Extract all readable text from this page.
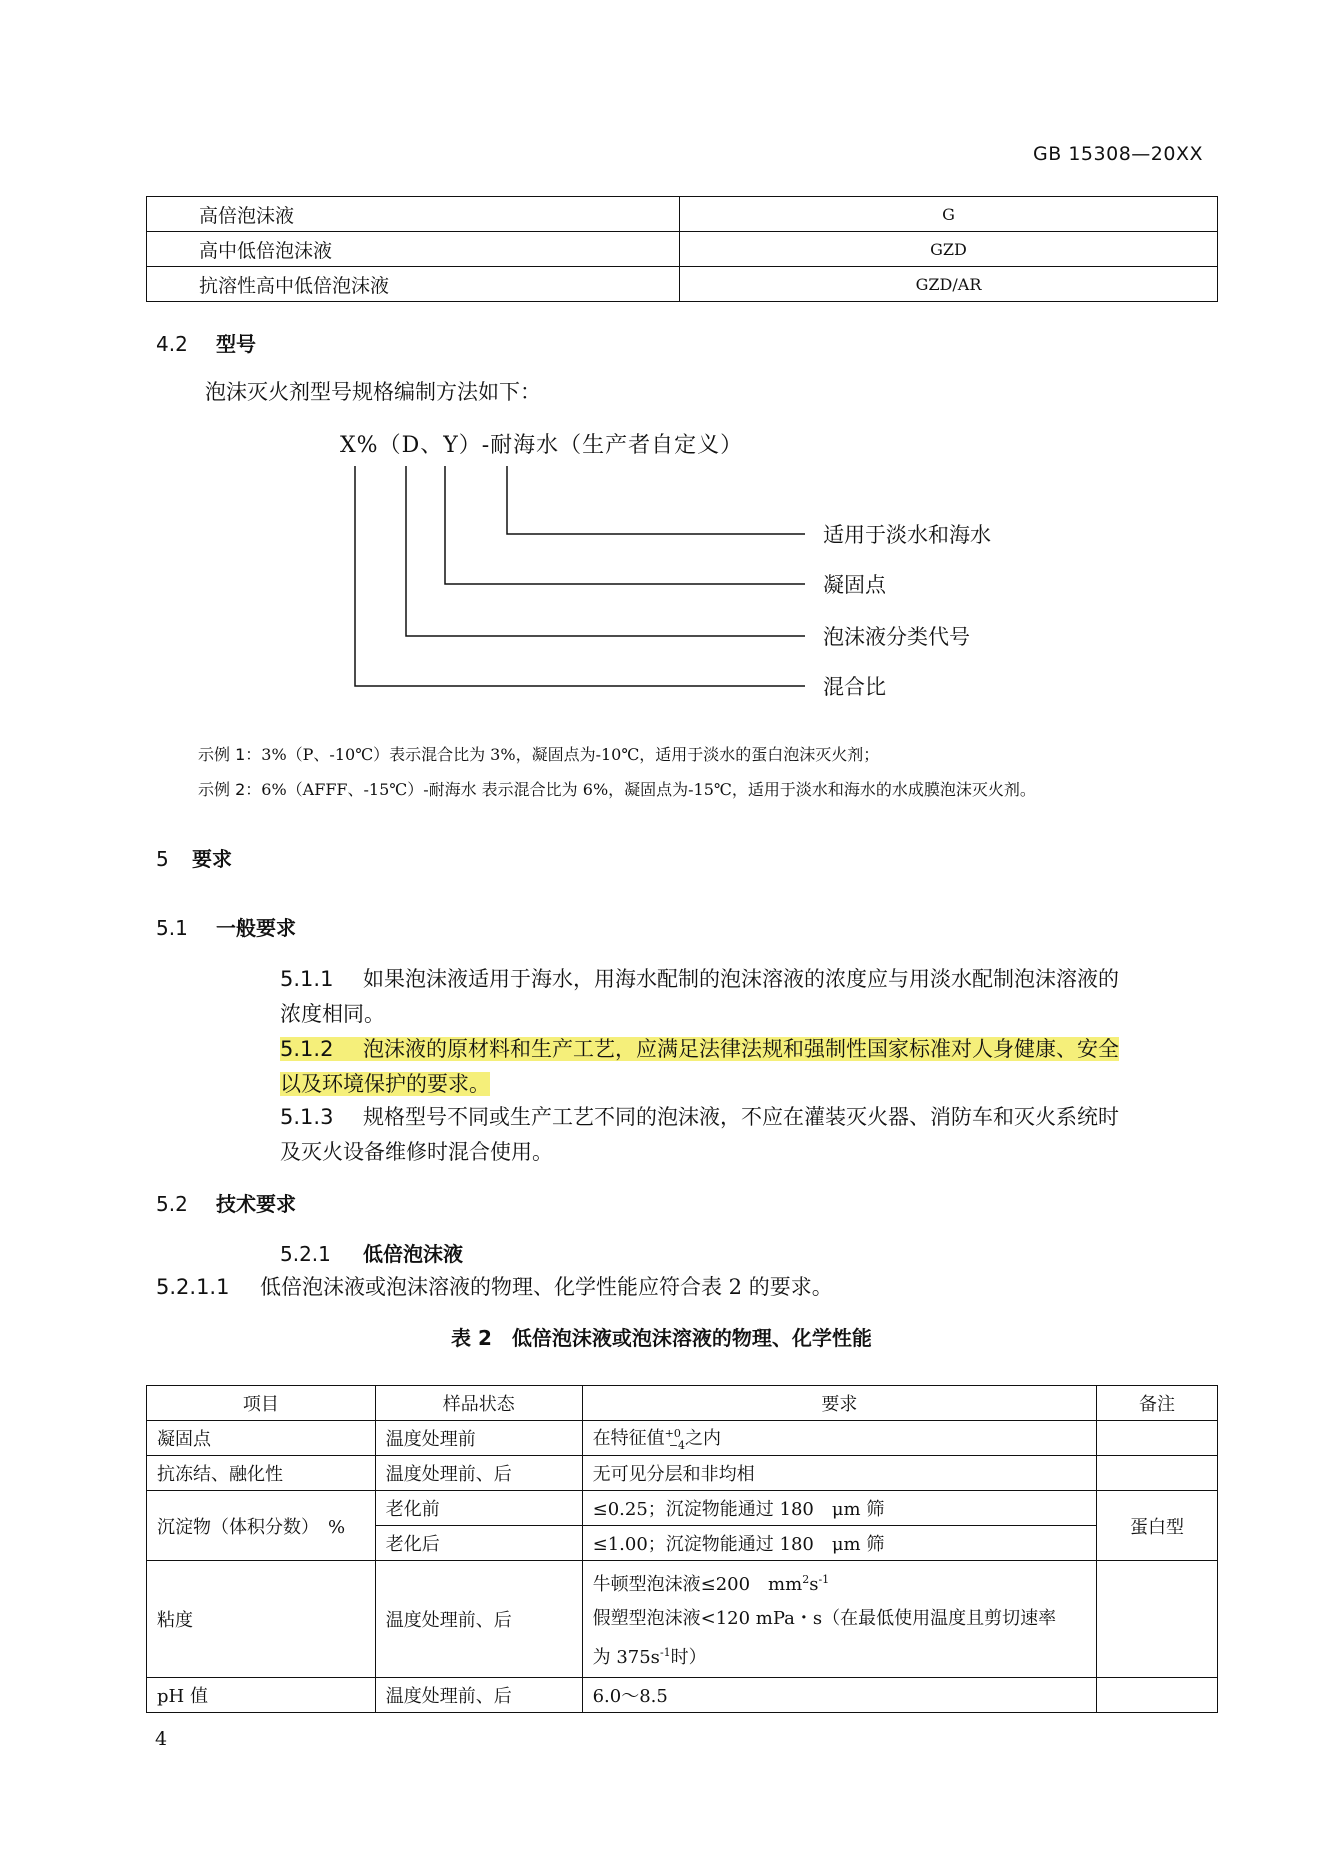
GB 15308—20XX
高倍泡沫液	G
高中低倍泡沫液	GZD
抗溶性高中低倍泡沫液	GZD/AR
4.2 型号
泡沫灭火剂型号规格编制方法如下：
X%（D、Y）-耐海水（生产者自定义）
适用于淡水和海水
凝固点
泡沫液分类代号
混合比
示例 1：3%（P、-10℃）表示混合比为 3%，凝固点为-10℃，适用于淡水的蛋白泡沫灭火剂；
示例 2：6%（AFFF、-15℃）-耐海水 表示混合比为 6%，凝固点为-15℃，适用于淡水和海水的水成膜泡沫灭火剂。
5 要求
5.1 一般要求
5.1.1 如果泡沫液适用于海水，用海水配制的泡沫溶液的浓度应与用淡水配制泡沫溶液的
浓度相同。
5.1.2 泡沫液的原材料和生产工艺，应满足法律法规和强制性国家标准对人身健康、安全
以及环境保护的要求。
5.1.3 规格型号不同或生产工艺不同的泡沫液，不应在灌装灭火器、消防车和灭火系统时
及灭火设备维修时混合使用。
5.2 技术要求
5.2.1 低倍泡沫液
5.2.1.1 低倍泡沫液或泡沫溶液的物理、化学性能应符合表 2 的要求。
表 2　低倍泡沫液或泡沫溶液的物理、化学性能
项目	样品状态	要求	备注
凝固点	温度处理前	在特征值$^{+0}_{-4}$之内	
抗冻结、融化性	温度处理前、后	无可见分层和非均相	
沉淀物（体积分数）　%	老化前	≤0.25；沉淀物能通过 180　μm 筛	蛋白型
	老化后	≤1.00；沉淀物能通过 180　μm 筛	
粘度	温度处理前、后	牛顿型泡沫液≤200　$mm^2s^{-1}$
假塑型泡沫液<120 mPa・s（在最低使用温度且剪切速率
为 $375s^{-1}$时）	

pH 值	温度处理前、后	6.0～8.5	
4
